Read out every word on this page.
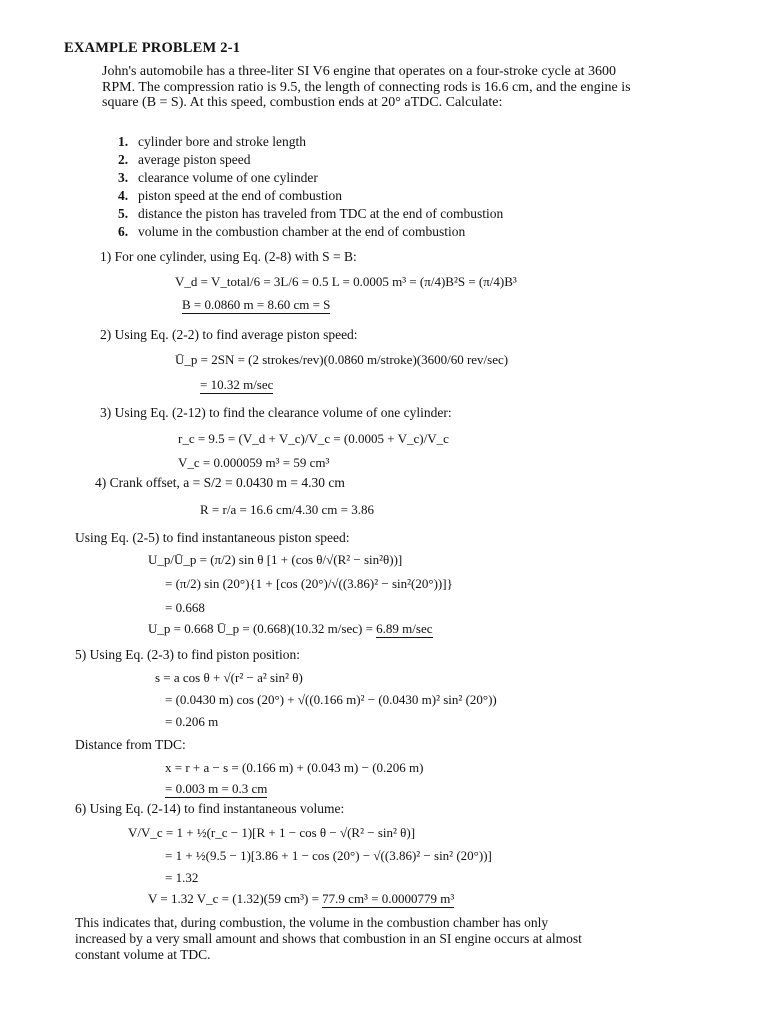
EXAMPLE PROBLEM 2-1
John's automobile has a three-liter SI V6 engine that operates on a four-stroke cycle at 3600 RPM. The compression ratio is 9.5, the length of connecting rods is 16.6 cm, and the engine is square (B = S). At this speed, combustion ends at 20° aTDC. Calculate:
1. cylinder bore and stroke length
2. average piston speed
3. clearance volume of one cylinder
4. piston speed at the end of combustion
5. distance the piston has traveled from TDC at the end of combustion
6. volume in the combustion chamber at the end of combustion
1) For one cylinder, using Eq. (2-8) with S = B:
V_d = V_total/6 = 3L/6 = 0.5 L = 0.0005 m³ = (π/4)B²S = (π/4)B³
B = 0.0860 m = 8.60 cm = S
2) Using Eq. (2-2) to find average piston speed:
Ū_p = 2SN = (2 strokes/rev)(0.0860 m/stroke)(3600/60 rev/sec)
= 10.32 m/sec
3) Using Eq. (2-12) to find the clearance volume of one cylinder:
r_c = 9.5 = (V_d + V_c)/V_c = (0.0005 + V_c)/V_c
V_c = 0.000059 m³ = 59 cm³
4) Crank offset, a = S/2 = 0.0430 m = 4.30 cm
R = r/a = 16.6 cm/4.30 cm = 3.86
Using Eq. (2-5) to find instantaneous piston speed:
U_p/Ū_p = (π/2) sin θ [1 + (cos θ/√(R² − sin²θ))]
= (π/2) sin (20°){1 + [cos (20°)/√((3.86)² − sin²(20°))]}
= 0.668
U_p = 0.668 Ū_p = (0.668)(10.32 m/sec) = 6.89 m/sec
5) Using Eq. (2-3) to find piston position:
s = a cos θ + √(r² − a² sin² θ)
= (0.0430 m) cos (20°) + √((0.166 m)² − (0.0430 m)² sin² (20°))
= 0.206 m
Distance from TDC:
x = r + a − s = (0.166 m) + (0.043 m) − (0.206 m)
= 0.003 m = 0.3 cm
6) Using Eq. (2-14) to find instantaneous volume:
V/V_c = 1 + ½(r_c − 1)[R + 1 − cos θ − √(R² − sin² θ)]
= 1 + ½(9.5 − 1)[3.86 + 1 − cos (20°) − √((3.86)² − sin² (20°))]
= 1.32
V = 1.32 V_c = (1.32)(59 cm³) = 77.9 cm³ = 0.0000779 m³
This indicates that, during combustion, the volume in the combustion chamber has only increased by a very small amount and shows that combustion in an SI engine occurs at almost constant volume at TDC.
